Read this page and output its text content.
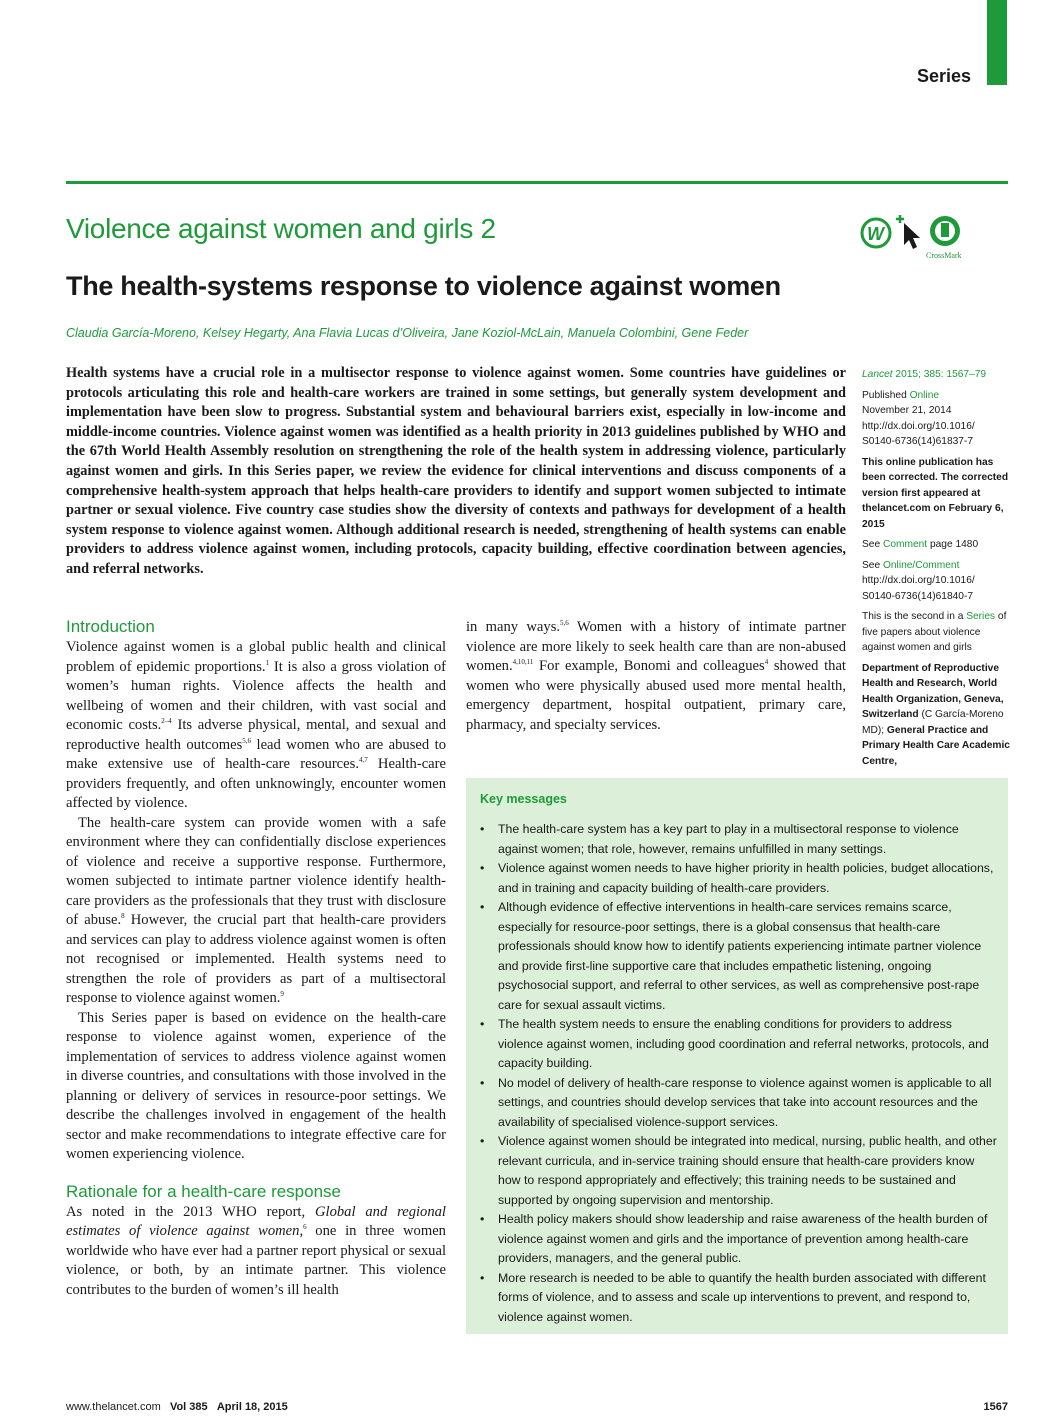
Series
Violence against women and girls 2	W
CrossMark
The health-systems response to violence against women
Claudia García-Moreno, Kelsey Hegarty, Ana Flavia Lucas d’Oliveira, Jane Koziol-McLain, Manuela Colombini, Gene Feder
Health systems have a crucial role in a multisector response to violence against women. Some countries have guidelines or protocols articulating this role and health-care workers are trained in some settings, but generally system development and implementation have been slow to progress. Substantial system and behavioural barriers exist, especially in low-income and middle-income countries. Violence against women was identified as a health priority in 2013 guidelines published by WHO and the 67th World Health Assembly resolution on strengthening the role of the health system in addressing violence, particularly against women and girls. In this Series paper, we review the evidence for clinical interventions and discuss components of a comprehensive health-system approach that helps health-care providers to identify and support women subjected to intimate partner or sexual violence. Five country case studies show the diversity of contexts and pathways for development of a health system response to violence against women. Although additional research is needed, strengthening of health systems can enable providers to address violence against women, including protocols, capacity building, effective coordination between agencies, and referral networks.
Introduction

Violence against women is a global public health and clinical problem of epidemic proportions.$^1$ It is also a gross violation of women’s human rights. Violence affects the health and wellbeing of women and their children, with vast social and economic costs.$^{2-4}$ Its adverse physical, mental, and sexual and reproductive health outcomes$^{5,6}$ lead women who are abused to make extensive use of health-care resources.$^{4,7}$ Health-care providers frequently, and often unknowingly, encounter women affected by violence.

The health-care system can provide women with a safe environment where they can confidentially disclose experiences of violence and receive a supportive response. Furthermore, women subjected to intimate partner violence identify health-care providers as the professionals that they trust with disclosure of abuse.$^8$ However, the crucial part that health-care providers and services can play to address violence against women is often not recognised or implemented. Health systems need to strengthen the role of providers as part of a multisectoral response to violence against women.$^9$

This Series paper is based on evidence on the health-care response to violence against women, experience of the implementation of services to address violence against women in diverse countries, and consultations with those involved in the planning or delivery of services in resource-poor settings. We describe the challenges involved in engagement of the health sector and make recommendations to integrate effective care for women experiencing violence.

Rationale for a health-care response

As noted in the 2013 WHO report, Global and regional estimates of violence against women,$^6$ one in three women worldwide who have ever had a partner report physical or sexual violence, or both, by an intimate partner. This violence contributes to the burden of women’s ill health

in many ways.$^{5,6}$ Women with a history of intimate partner violence are more likely to seek health care than are non-abused women.$^{4,10,11}$ For example, Bonomi and colleagues$^4$ showed that women who were physically abused used more mental health, emergency department, hospital outpatient, primary care, pharmacy, and specialty services.

Key messages
• The health-care system has a key part to play in a multisectoral response to violence against women; that role, however, remains unfulfilled in many settings.
• Violence against women needs to have higher priority in health policies, budget allocations, and in training and capacity building of health-care providers.
• Although evidence of effective interventions in health-care services remains scarce, especially for resource-poor settings, there is a global consensus that health-care professionals should know how to identify patients experiencing intimate partner violence and provide first-line supportive care that includes empathetic listening, ongoing psychosocial support, and referral to other services, as well as comprehensive post-rape care for sexual assault victims.
• The health system needs to ensure the enabling conditions for providers to address violence against women, including good coordination and referral networks, protocols, and capacity building.
• No model of delivery of health-care response to violence against women is applicable to all settings, and countries should develop services that take into account resources and the availability of specialised violence-support services.
• Violence against women should be integrated into medical, nursing, public health, and other relevant curricula, and in-service training should ensure that health-care providers know how to respond appropriately and effectively; this training needs to be sustained and supported by ongoing supervision and mentorship.
• Health policy makers should show leadership and raise awareness of the health burden of violence against women and girls and the importance of prevention among health-care providers, managers, and the general public.
• More research is needed to be able to quantify the health burden associated with different forms of violence, and to assess and scale up interventions to prevent, and respond to, violence against women.
Lancet 2015; 385: 1567–79
Published Online
November 21, 2014
http://dx.doi.org/10.1016/
S0140-6736(14)61837-7
This online publication has been corrected. The corrected version first appeared at thelancet.com on February 6, 2015
See Comment page 1480
See Online/Comment
http://dx.doi.org/10.1016/
S0140-6736(14)61840-7
This is the second in a Series of five papers about violence against women and girls
Department of Reproductive Health and Research, World Health Organization, Geneva, Switzerland (C García-Moreno MD); General Practice and Primary Health Care Academic Centre,
www.thelancet.com Vol 385 April 18, 2015	1567
